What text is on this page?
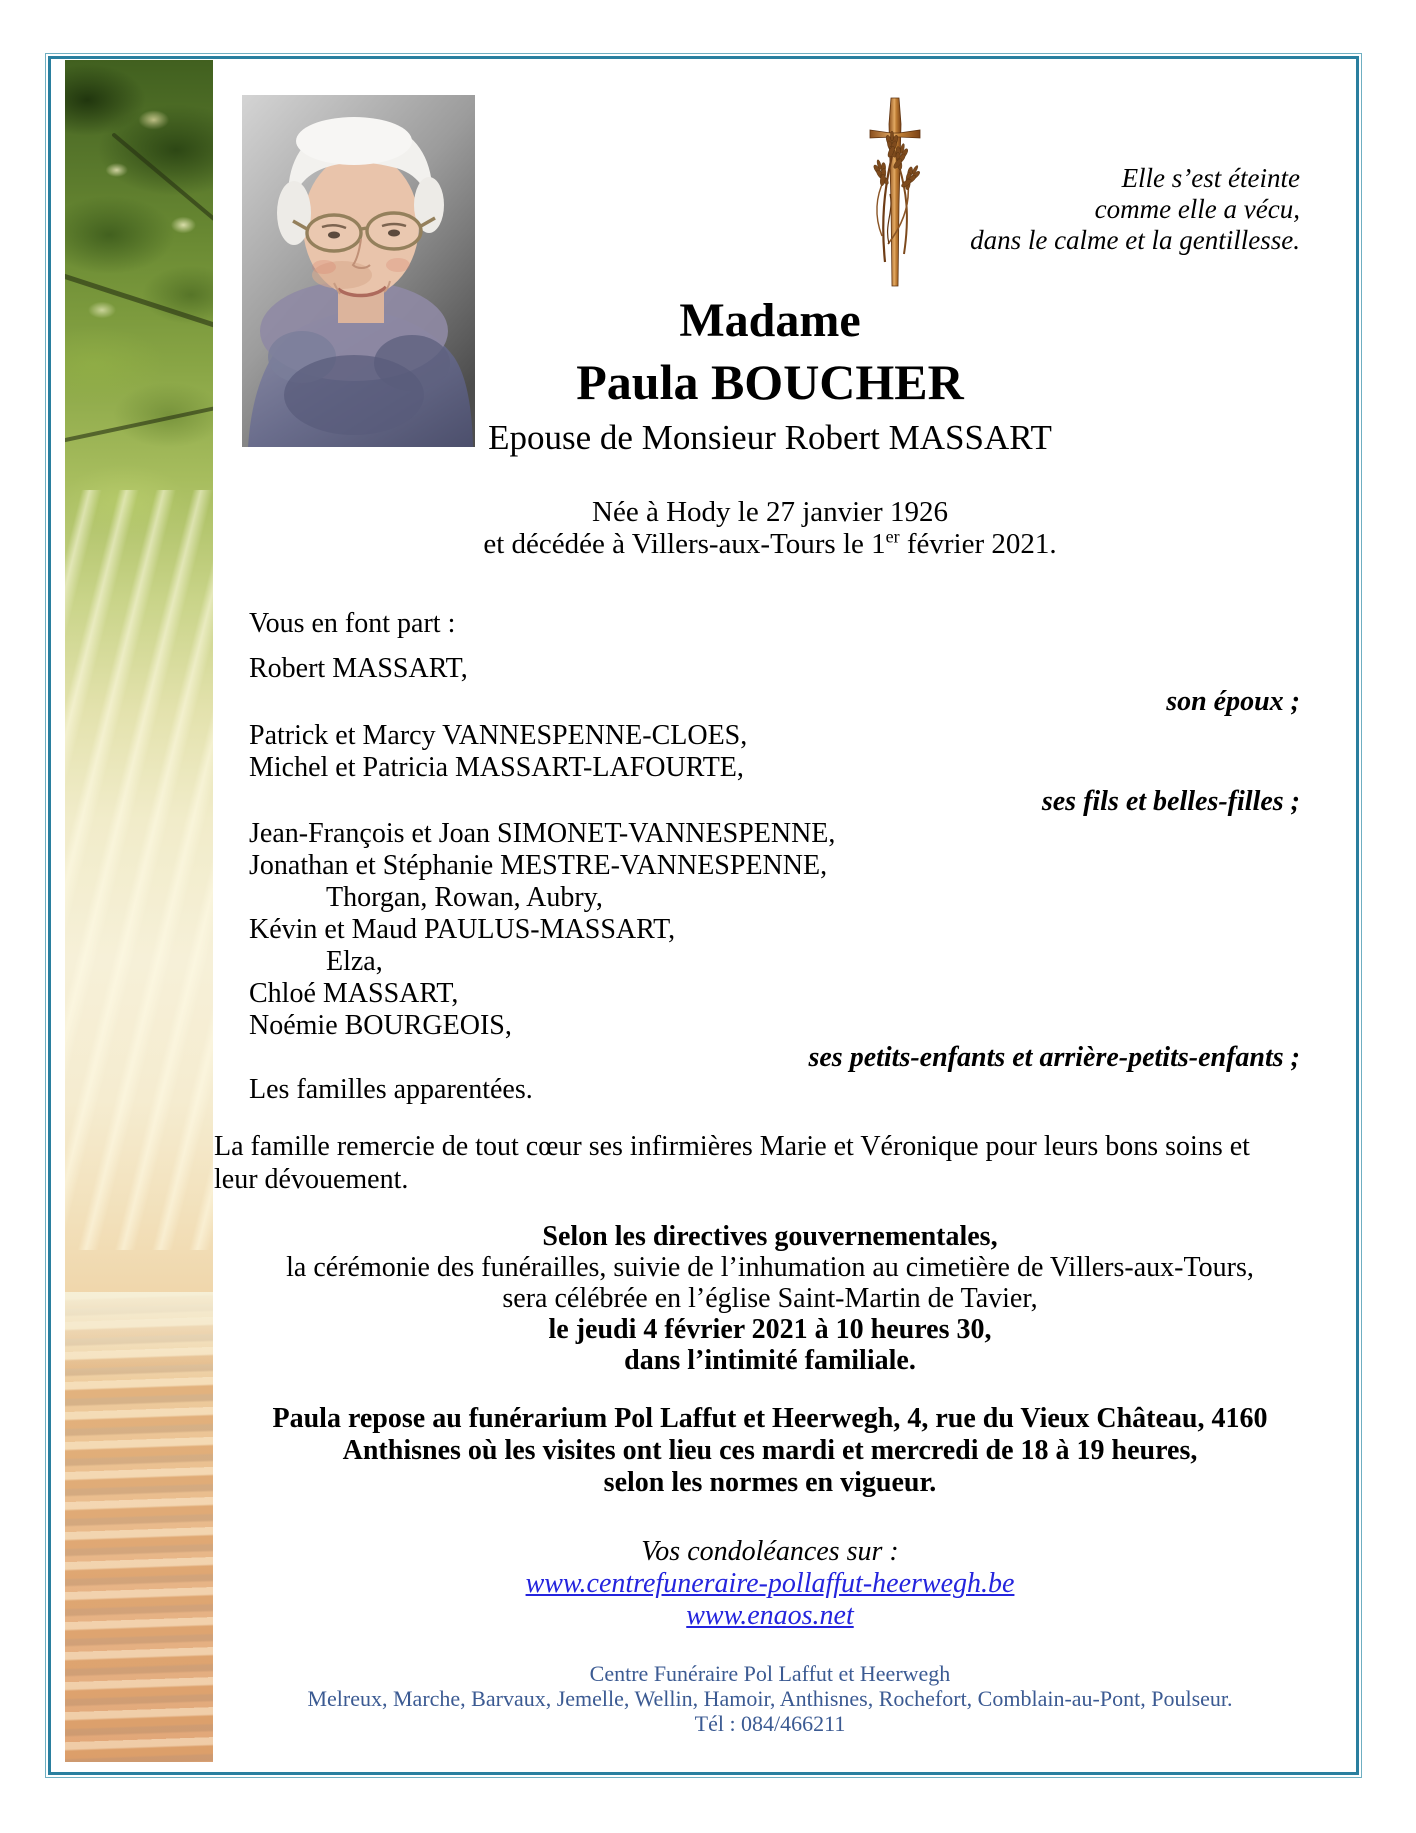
Elle s’est éteinte
comme elle a vécu,
dans le calme et la gentillesse.
Madame
Paula BOUCHER
Epouse de Monsieur Robert MASSART
Née à Hody le 27 janvier 1926
et décédée à Villers-aux-Tours le 1er février 2021.
Vous en font part :
Robert MASSART,
son époux ;
Patrick et Marcy VANNESPENNE-CLOES,
Michel et Patricia MASSART-LAFOURTE,
ses fils et belles-filles ;
Jean-François et Joan SIMONET-VANNESPENNE,
Jonathan et Stéphanie MESTRE-VANNESPENNE,
Thorgan, Rowan, Aubry,
Kévin et Maud PAULUS-MASSART,
Elza,
Chloé MASSART,
Noémie BOURGEOIS,
ses petits-enfants et arrière-petits-enfants ;
Les familles apparentées.
La famille remercie de tout cœur ses infirmières Marie et Véronique pour leurs bons soins et leur dévouement.
Selon les directives gouvernementales,
la cérémonie des funérailles, suivie de l’inhumation au cimetière de Villers-aux-Tours,
sera célébrée en l’église Saint-Martin de Tavier,
le jeudi 4 février 2021 à 10 heures 30,
dans l’intimité familiale.
Paula repose au funérarium Pol Laffut et Heerwegh, 4, rue du Vieux Château, 4160
Anthisnes où les visites ont lieu ces mardi et mercredi de 18 à 19 heures,
selon les normes en vigueur.
Vos condoléances sur :
www.centrefuneraire-pollaffut-heerwegh.be
www.enaos.net
Centre Funéraire Pol Laffut et Heerwegh
Melreux, Marche, Barvaux, Jemelle, Wellin, Hamoir, Anthisnes, Rochefort, Comblain-au-Pont, Poulseur.
Tél : 084/466211
